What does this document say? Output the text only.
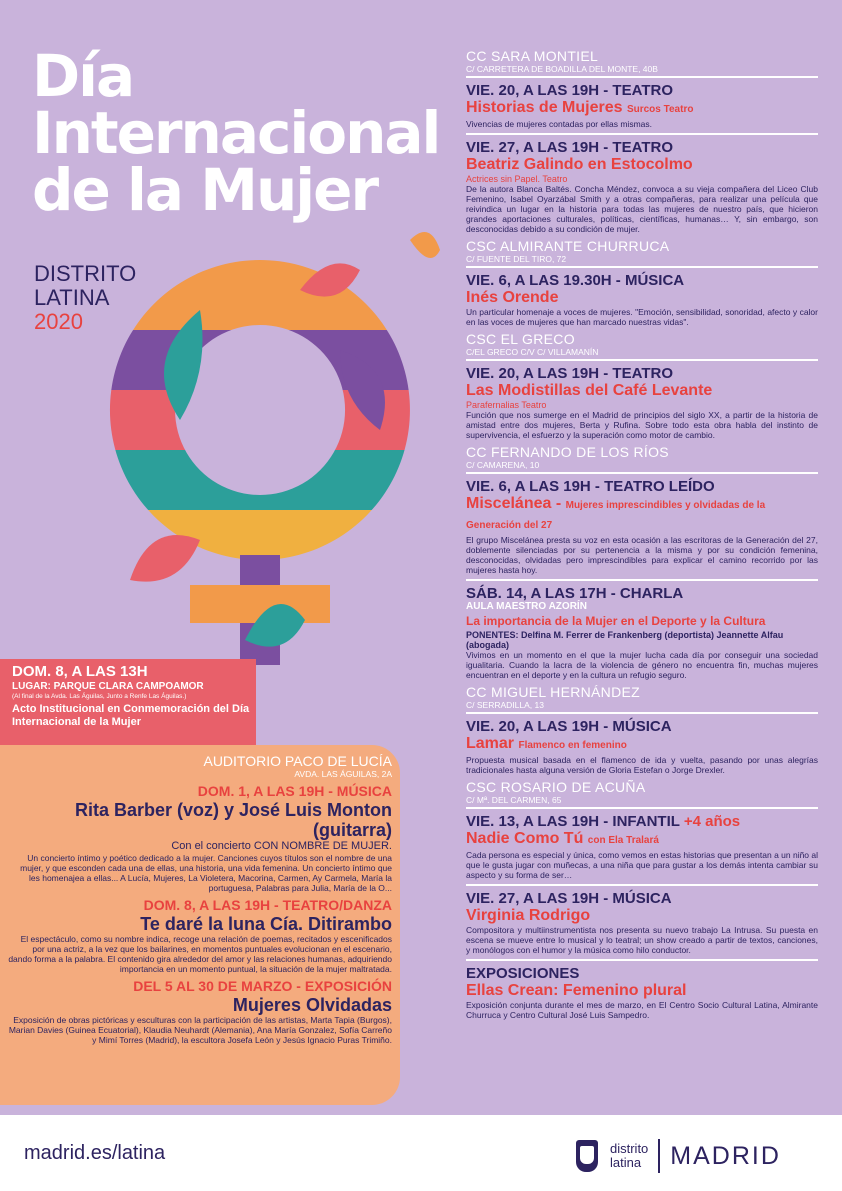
Día
Internacional
de la Mujer
DISTRITO
LATINA
2020
CC SARA MONTIEL
C/ CARRETERA DE BOADILLA DEL MONTE, 40B
VIE. 20, A LAS 19H - TEATRO
Historias de Mujeres Surcos Teatro
Vivencias de mujeres contadas por ellas mismas.
VIE. 27, A LAS 19H - TEATRO
Beatriz Galindo en Estocolmo
Actrices sin Papel. Teatro
De la autora Blanca Baltés. Concha Méndez, convoca a su vieja compañera del Liceo Club Femenino, Isabel Oyarzábal Smith y a otras compañeras, para realizar una película que reivindica un lugar en la historia para todas las mujeres de nuestro país, que hicieron grandes aportaciones culturales, políticas, científicas, humanas… Y, sin embargo, son desconocidas debido a su condición de mujer.
CSC ALMIRANTE CHURRUCA
C/ FUENTE DEL TIRO, 72
VIE. 6, A LAS 19.30H - MÚSICA
Inés Orende
Un particular homenaje a voces de mujeres. "Emoción, sensibilidad, sonoridad, afecto y calor en las voces de mujeres que han marcado nuestras vidas".
CSC EL GRECO
C/EL GRECO C/V C/ VILLAMANÍN
VIE. 20, A LAS 19H - TEATRO
Las Modistillas del Café Levante
Parafernalias Teatro
Función que nos sumerge en el Madrid de principios del siglo XX, a partir de la historia de amistad entre dos mujeres, Berta y Rufina. Sobre todo esta obra habla del instinto de supervivencia, el esfuerzo y la superación como motor de cambio.
CC FERNANDO DE LOS RÍOS
C/ CAMARENA, 10
VIE. 6, A LAS 19H - TEATRO LEÍDO
Miscelánea - Mujeres imprescindibles y olvidadas de la Generación del 27
El grupo Miscelánea presta su voz en esta ocasión a las escritoras de la Generación del 27, doblemente silenciadas por su pertenencia a la misma y por su condición femenina, desconocidas, olvidadas pero imprescindibles para explicar el camino recorrido por las mujeres hasta hoy.
SÁB. 14, A LAS 17H - CHARLA
AULA MAESTRO AZORÍN
La importancia de la Mujer en el Deporte y la Cultura
PONENTES: Delfina M. Ferrer de Frankenberg (deportista) Jeannette Alfau (abogada)
Vivimos en un momento en el que la mujer lucha cada día por conseguir una sociedad igualitaria. Cuando la lacra de la violencia de género no encuentra fin, muchas mujeres encuentran en el deporte y en la cultura un refugio seguro.
CC MIGUEL HERNÁNDEZ
C/ SERRADILLA, 13
VIE. 20, A LAS 19H - MÚSICA
Lamar Flamenco en femenino
Propuesta musical basada en el flamenco de ida y vuelta, pasando por unas alegrías tradicionales hasta alguna versión de Gloria Estefan o Jorge Drexler.
CSC ROSARIO DE ACUÑA
C/ Mª. DEL CARMEN, 65
VIE. 13, A LAS 19H - INFANTIL +4 años
Nadie Como Tú con Ela Tralará
Cada persona es especial y única, como vemos en estas historias que presentan a un niño al que le gusta jugar con muñecas, a una niña que para gustar a los demás intenta cambiar su aspecto y su forma de ser…
VIE. 27, A LAS 19H - MÚSICA
Virginia Rodrigo
Compositora y multiinstrumentista nos presenta su nuevo trabajo La Intrusa. Su puesta en escena se mueve entre lo musical y lo teatral; un show creado a partir de textos, canciones, y monólogos con el humor y la música como hilo conductor.
EXPOSICIONES
Ellas Crean: Femenino plural
Exposición conjunta durante el mes de marzo, en El Centro Socio Cultural Latina, Almirante Churruca y Centro Cultural José Luis Sampedro.
DOM. 8, A LAS 13H
LUGAR: PARQUE CLARA CAMPOAMOR
(Al final de la Avda. Las Águilas, Junto a Renfe Las Águilas.)
Acto Institucional en Conmemoración del Día Internacional de la Mujer
AUDITORIO PACO DE LUCÍA
AVDA. LAS ÁGUILAS, 2A
DOM. 1, A LAS 19H - MÚSICA
Rita Barber (voz) y José Luis Monton (guitarra)
Con el concierto CON NOMBRE DE MUJER.
Un concierto íntimo y poético dedicado a la mujer. Canciones cuyos títulos son el nombre de una mujer, y que esconden cada una de ellas, una historia, una vida femenina. Un concierto íntimo que les homenajea a ellas... A Lucía, Mujeres, La Violetera, Macorina, Carmen, Ay Carmela, María la portuguesa, Palabras para Julia, María de la O...
DOM. 8, A LAS 19H - TEATRO/DANZA
Te daré la luna Cía. Ditirambo
El espectáculo, como su nombre indica, recoge una relación de poemas, recitados y escenificados por una actriz, a la vez que los bailarines, en momentos puntuales evolucionan en el escenario, dando forma a la palabra. El contenido gira alrededor del amor y las relaciones humanas, adquiriendo importancia en un momento puntual, la situación de la mujer maltratada.
DEL 5 AL 30 DE MARZO - EXPOSICIÓN
Mujeres Olvidadas
Exposición de obras pictóricas y esculturas con la participación de las artistas, Marta Tapia (Burgos), Marian Davies (Guinea Ecuatorial), Klaudia Neuhardt (Alemania), Ana María Gonzalez, Sofía Carreño y Mimí Torres (Madrid), la escultora Josefa León y Jesús Ignacio Puras Trimiño.
madrid.es/latina	distrito
latina MADRID
